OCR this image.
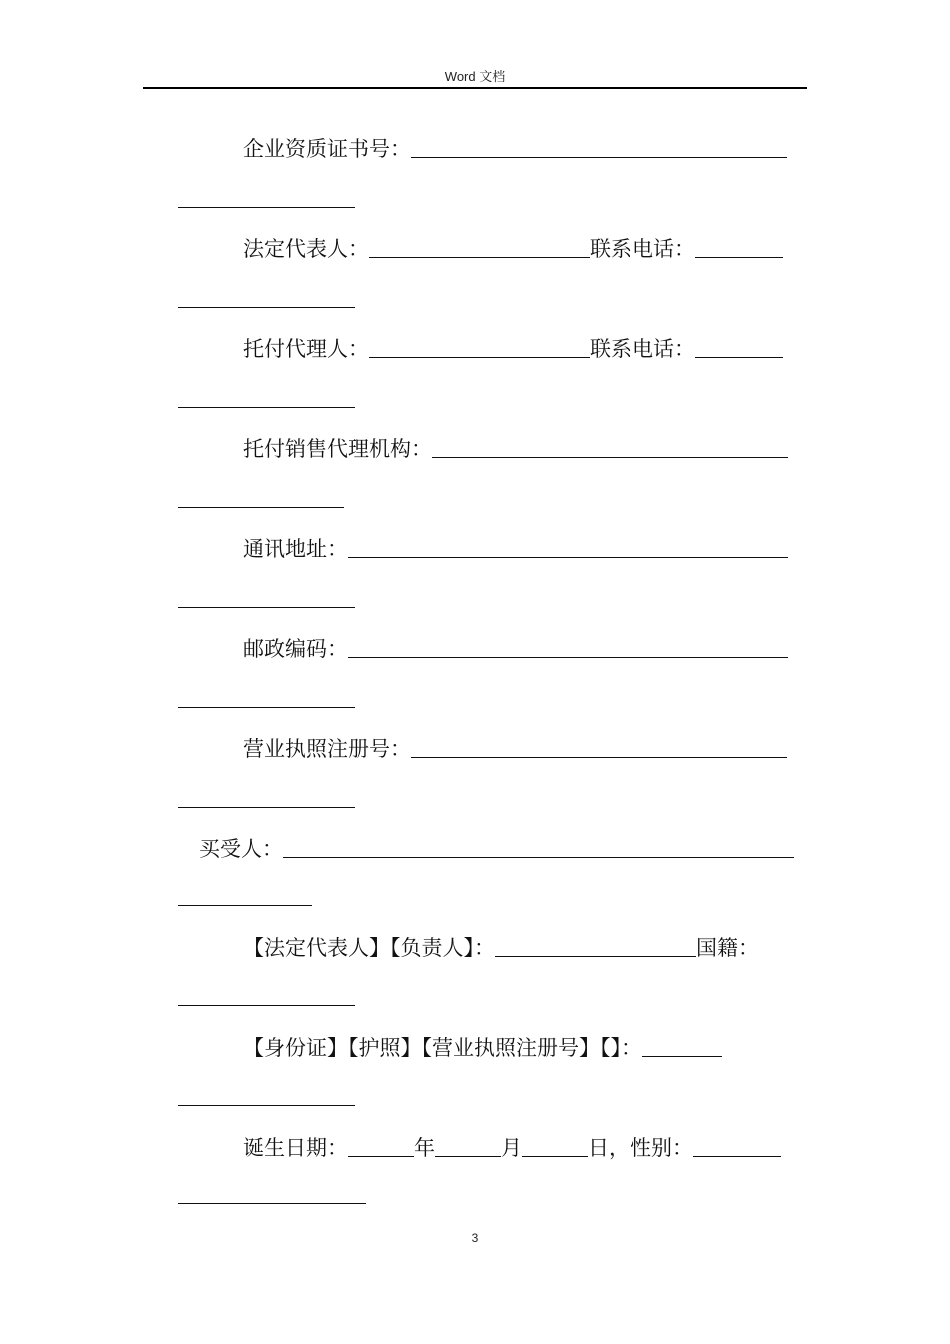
Word 文档
企业资质证书号：
法定代表人：	联系电话：
托付代理人：	联系电话：
托付销售代理机构：
通讯地址：
邮政编码：
营业执照注册号：
买受人：
【法定代表人】【负责人】：	国籍：
【身份证】【护照】【营业执照注册号】【】：
诞生日期：	年	月	日， 性别：
3
